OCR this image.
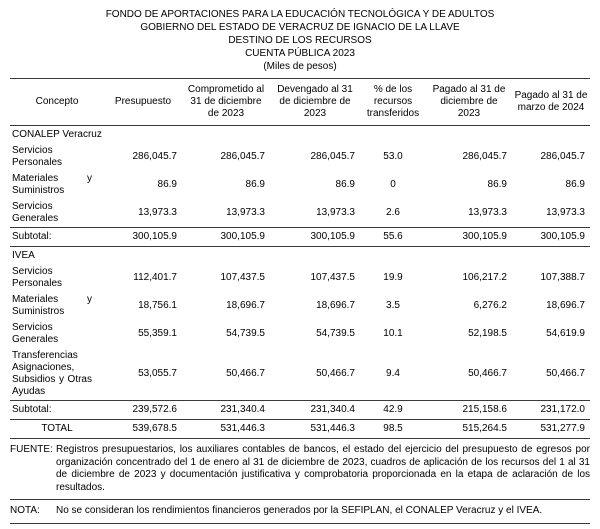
FONDO DE APORTACIONES PARA LA EDUCACIÓN TECNOLÓGICA Y DE ADULTOS
GOBIERNO DEL ESTADO DE VERACRUZ DE IGNACIO DE LA LLAVE
DESTINO DE LOS RECURSOS
CUENTA PÚBLICA 2023
(Miles de pesos)
Concepto	Presupuesto	Comprometido al 31 de diciembre de 2023	Devengado al 31 de diciembre de 2023	% de los recursos transferidos	Pagado al 31 de diciembre de 2023	Pagado al 31 de marzo de 2024
CONALEP Veracruz						
Servicios Personales	286,045.7	286,045.7	286,045.7	53.0	286,045.7	286,045.7
Materiales y Suministros	86.9	86.9	86.9	0	86.9	86.9
Servicios Generales	13,973.3	13,973.3	13,973.3	2.6	13,973.3	13,973.3
Subtotal:	300,105.9	300,105.9	300,105.9	55.6	300,105.9	300,105.9
IVEA						
Servicios Personales	112,401.7	107,437.5	107,437.5	19.9	106,217.2	107,388.7
Materiales y Suministros	18,756.1	18,696.7	18,696.7	3.5	6,276.2	18,696.7
Servicios Generales	55,359.1	54,739.5	54,739.5	10.1	52,198.5	54,619.9
Transferencias Asignaciones, Subsidios y Otras Ayudas	53,055.7	50,466.7	50,466.7	9.4	50,466.7	50,466.7
Subtotal:	239,572.6	231,340.4	231,340.4	42.9	215,158.6	231,172.0
TOTAL	539,678.5	531,446.3	531,446.3	98.5	515,264.5	531,277.9
FUENTE: Registros presupuestarios, los auxiliares contables de bancos, el estado del ejercicio del presupuesto de egresos por organización concentrado del 1 de enero al 31 de diciembre de 2023, cuadros de aplicación de los recursos del 1 al 31 de diciembre de 2023 y documentación justificativa y comprobatoria proporcionada en la etapa de aclaración de los resultados.
NOTA:	No se consideran los rendimientos financieros generados por la SEFIPLAN, el CONALEP Veracruz y el IVEA.
